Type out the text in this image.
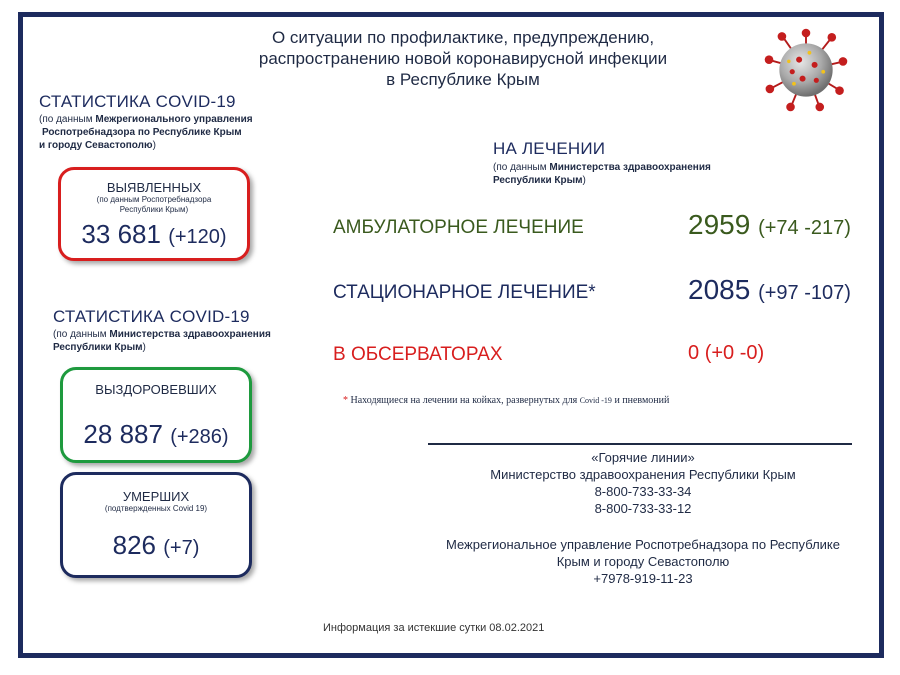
О ситуации по профилактике, предупреждению,
распространению новой коронавирусной инфекции
в Республике Крым
СТАТИСТИКА COVID-19
(по данным Межрегионального управления
Роспотребнадзора по Республике Крым
и городу Севастополю)
ВЫЯВЛЕННЫХ
(по данным Роспотребнадзора
Республики Крым)
33 681 (+120)
СТАТИСТИКА COVID-19
(по данным Министерства здравоохранения
Республики Крым)
ВЫЗДОРОВЕВШИХ
28 887 (+286)
УМЕРШИХ
(подтвержденных Covid 19)
826 (+7)
НА ЛЕЧЕНИИ
(по данным Министерства здравоохранения
Республики Крым)
АМБУЛАТОРНОЕ ЛЕЧЕНИЕ	2959 (+74 -217)
СТАЦИОНАРНОЕ ЛЕЧЕНИЕ*	2085 (+97 -107)
В ОБСЕРВАТОРАХ	0 (+0 -0)
* Находящиеся на лечении на койках, развернутых для Covid -19 и пневмоний
«Горячие линии»
Министерство здравоохранения Республики Крым
8-800-733-33-34
8-800-733-33-12
Межрегиональное управление Роспотребнадзора по Республике
Крым и городу Севастополю
+7978-919-11-23
Информация за истекшие сутки 08.02.2021
